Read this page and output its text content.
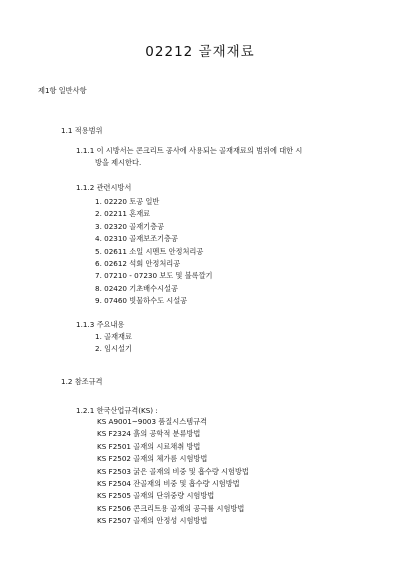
02212 골재재료
제1항 일반사항
1.1 적용범위
1.1.1 이 시방서는 콘크리트 공사에 사용되는 골재재료의 범위에 대한 시
방을 제시한다.
1.1.2 관련시방서
1. 02220 토공 일반
2. 02211 혼재료
3. 02320 골재기층공
4. 02310 골재보조기층공
5. 02611 소일 시멘트 안정처리공
6. 02612 석회 안정처리공
7. 07210 - 07230 보도 및 블록깔기
8. 02420 기초배수시설공
9. 07460 빗물하수도 시설공
1.1.3 주요내용
1. 골재재료
2. 임시설기
1.2 참조규격
1.2.1 한국산업규격(KS) :
KS A9001~9003 품질시스템규격
KS F2324 흙의 공학적 분류방법
KS F2501 골재의 시료채취 방법
KS F2502 골재의 체가름 시험방법
KS F2503 굵은 골재의 비중 및 흡수량 시험방법
KS F2504 잔골재의 비중 및 흡수량 시험방법
KS F2505 골재의 단위중량 시험방법
KS F2506 콘크리트용 골재의 공극률 시험방법
KS F2507 골재의 안정성 시험방법
